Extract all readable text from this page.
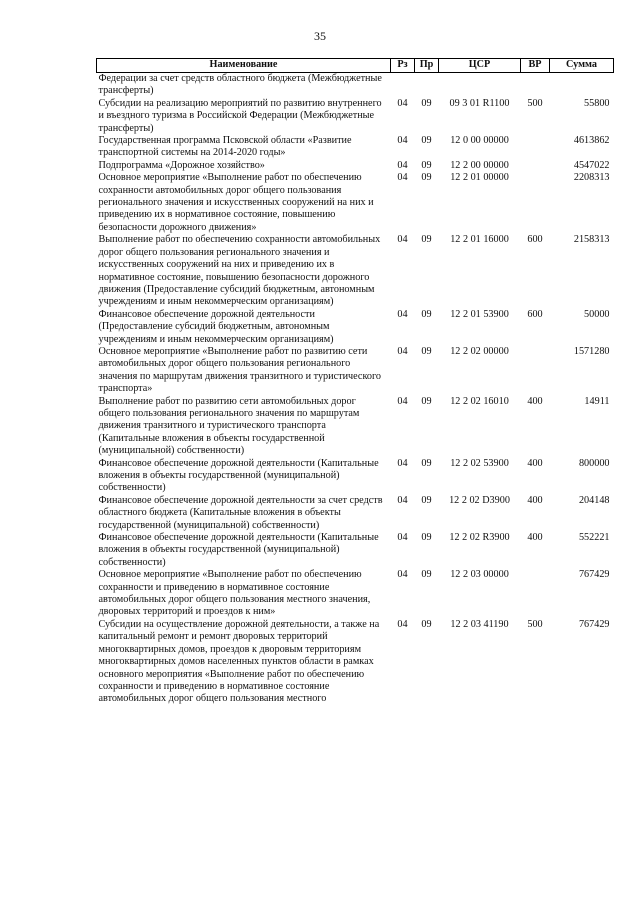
35
Наименование	Рз	Пр	ЦСР	ВР	Сумма
Федерации за счет средств областного бюджета (Межбюджетные трансферты)					
Субсидии на реализацию мероприятий по развитию внутреннего и въездного туризма в Российской Федерации (Межбюджетные трансферты)	04	09	09 3 01 R1100	500	55800
Государственная программа Псковской области «Развитие транспортной системы на 2014-2020 годы»	04	09	12 0 00 00000		4613862
Подпрограмма «Дорожное хозяйство»	04	09	12 2 00 00000		4547022
Основное мероприятие «Выполнение работ по обеспечению сохранности автомобильных дорог общего пользования регионального значения и искусственных сооружений на них и приведению их в нормативное состояние, повышению безопасности дорожного движения»	04	09	12 2 01 00000		2208313
Выполнение работ по обеспечению сохранности автомобильных дорог общего пользования регионального значения и искусственных сооружений на них и приведению их в нормативное состояние, повышению безопасности дорожного движения (Предоставление субсидий бюджетным, автономным учреждениям и иным некоммерческим организациям)	04	09	12 2 01 16000	600	2158313
Финансовое обеспечение дорожной деятельности (Предоставление субсидий бюджетным, автономным учреждениям и иным некоммерческим организациям)	04	09	12 2 01 53900	600	50000
Основное мероприятие «Выполнение работ по развитию сети автомобильных дорог общего пользования регионального значения по маршрутам движения транзитного и туристического транспорта»	04	09	12 2 02 00000		1571280
Выполнение работ по развитию сети автомобильных дорог общего пользования регионального значения по маршрутам движения транзитного и туристического транспорта (Капитальные вложения в объекты государственной (муниципальной) собственности)	04	09	12 2 02 16010	400	14911
Финансовое обеспечение дорожной деятельности (Капитальные вложения в объекты государственной (муниципальной) собственности)	04	09	12 2 02 53900	400	800000
Финансовое обеспечение дорожной деятельности за счет средств областного бюджета (Капитальные вложения в объекты государственной (муниципальной) собственности)	04	09	12 2 02 D3900	400	204148
Финансовое обеспечение дорожной деятельности (Капитальные вложения в объекты государственной (муниципальной) собственности)	04	09	12 2 02 R3900	400	552221
Основное мероприятие «Выполнение работ по обеспечению сохранности и приведению в нормативное состояние автомобильных дорог общего пользования местного значения, дворовых территорий и проездов к ним»	04	09	12 2 03 00000		767429
Субсидии на осуществление дорожной деятельности, а также на капитальный ремонт и ремонт дворовых территорий многоквартирных домов, проездов к дворовым территориям многоквартирных домов населенных пунктов области в рамках основного мероприятия «Выполнение работ по обеспечению сохранности и приведению в нормативное состояние автомобильных дорог общего пользования местного	04	09	12 2 03 41190	500	767429
